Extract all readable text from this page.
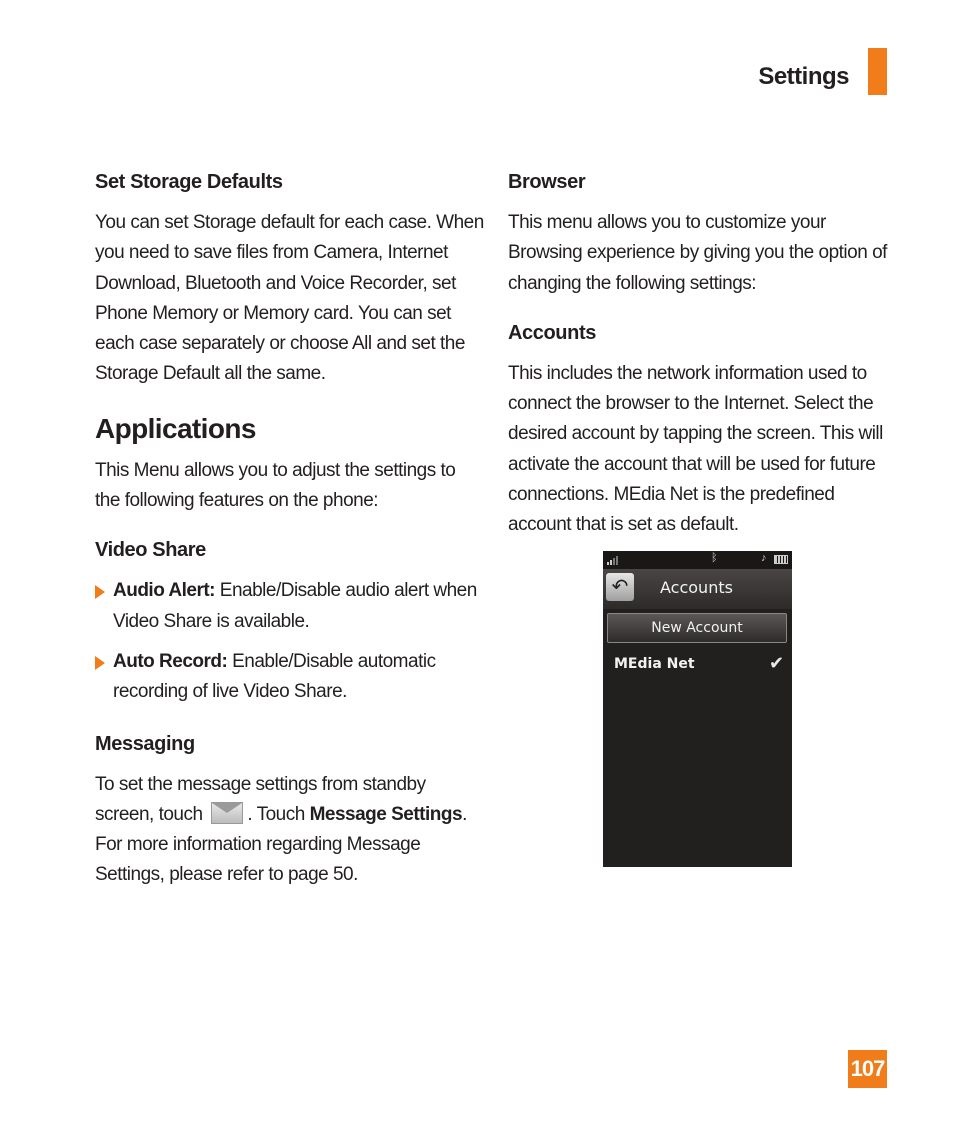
Settings
Set Storage Defaults

You can set Storage default for each case. When you need to save files from Camera, Internet Download, Bluetooth and Voice Recorder, set Phone Memory or Memory card. You can set each case separately or choose All and set the Storage Default all the same.

Applications

This Menu allows you to adjust the settings to the following features on the phone:

Video Share
Audio Alert: Enable/Disable audio alert when Video Share is available.
Auto Record: Enable/Disable automatic recording of live Video Share.
Messaging

To set the message settings from standby screen, touch . Touch Message Settings. For more information regarding Message Settings, please refer to page 50.

Browser

This menu allows you to customize your Browsing experience by giving you the option of changing the following settings:

Accounts

This includes the network information used to connect the browser to the Internet. Select the desired account by tapping the screen. This will activate the account that will be used for future connections. MEdia Net is the predefined account that is set as default.

ᛒ	♪
↶	Accounts
New Account
MEdia Net	✔
107
